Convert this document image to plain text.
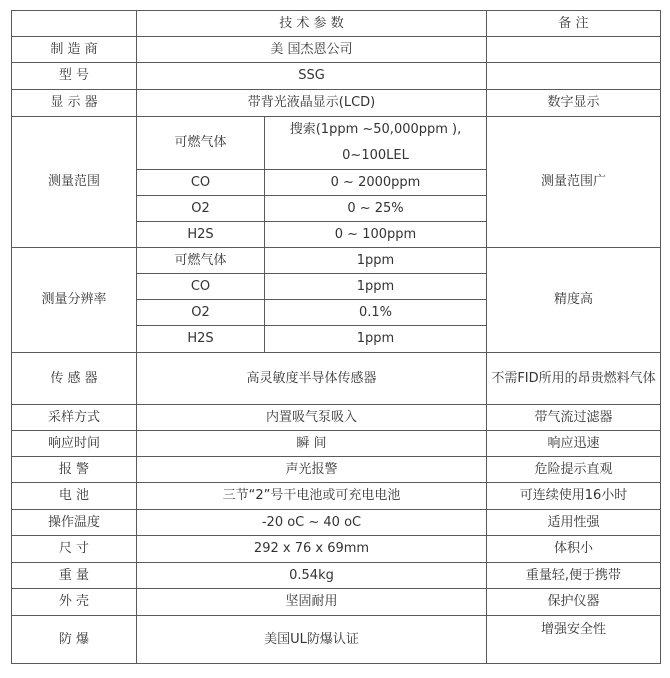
	技 术 参 数		备 注
制 造 商	美 国杰恩公司		
型 号	SSG		
显 示 器	带背光液晶显示(LCD)		数字显示
测量范围	可燃气体	搜索(1ppm ~50,000ppm ), 0~100LEL	测量范围广
	CO	0 ~ 2000ppm	
	O2	0 ~ 25%	
	H2S	0 ~ 100ppm	
测量分辨率	可燃气体	1ppm	精度高
	CO	1ppm	
	O2	0.1%	
	H2S	1ppm	
传 感 器	高灵敏度半导体传感器		不需FID所用的昂贵燃料气体
采样方式	内置吸气泵吸入		带气流过滤器
响应时间	瞬 间		响应迅速
报 警	声光报警		危险提示直观
电 池	三节“2”号干电池或可充电电池		可连续使用16小时
操作温度	-20 oC ~ 40 oC		适用性强
尺 寸	292 x 76 x 69mm		体积小
重 量	0.54kg		重量轻,便于携带
外 壳	坚固耐用		保护仪器
防 爆	美国UL防爆认证		增强安全性
